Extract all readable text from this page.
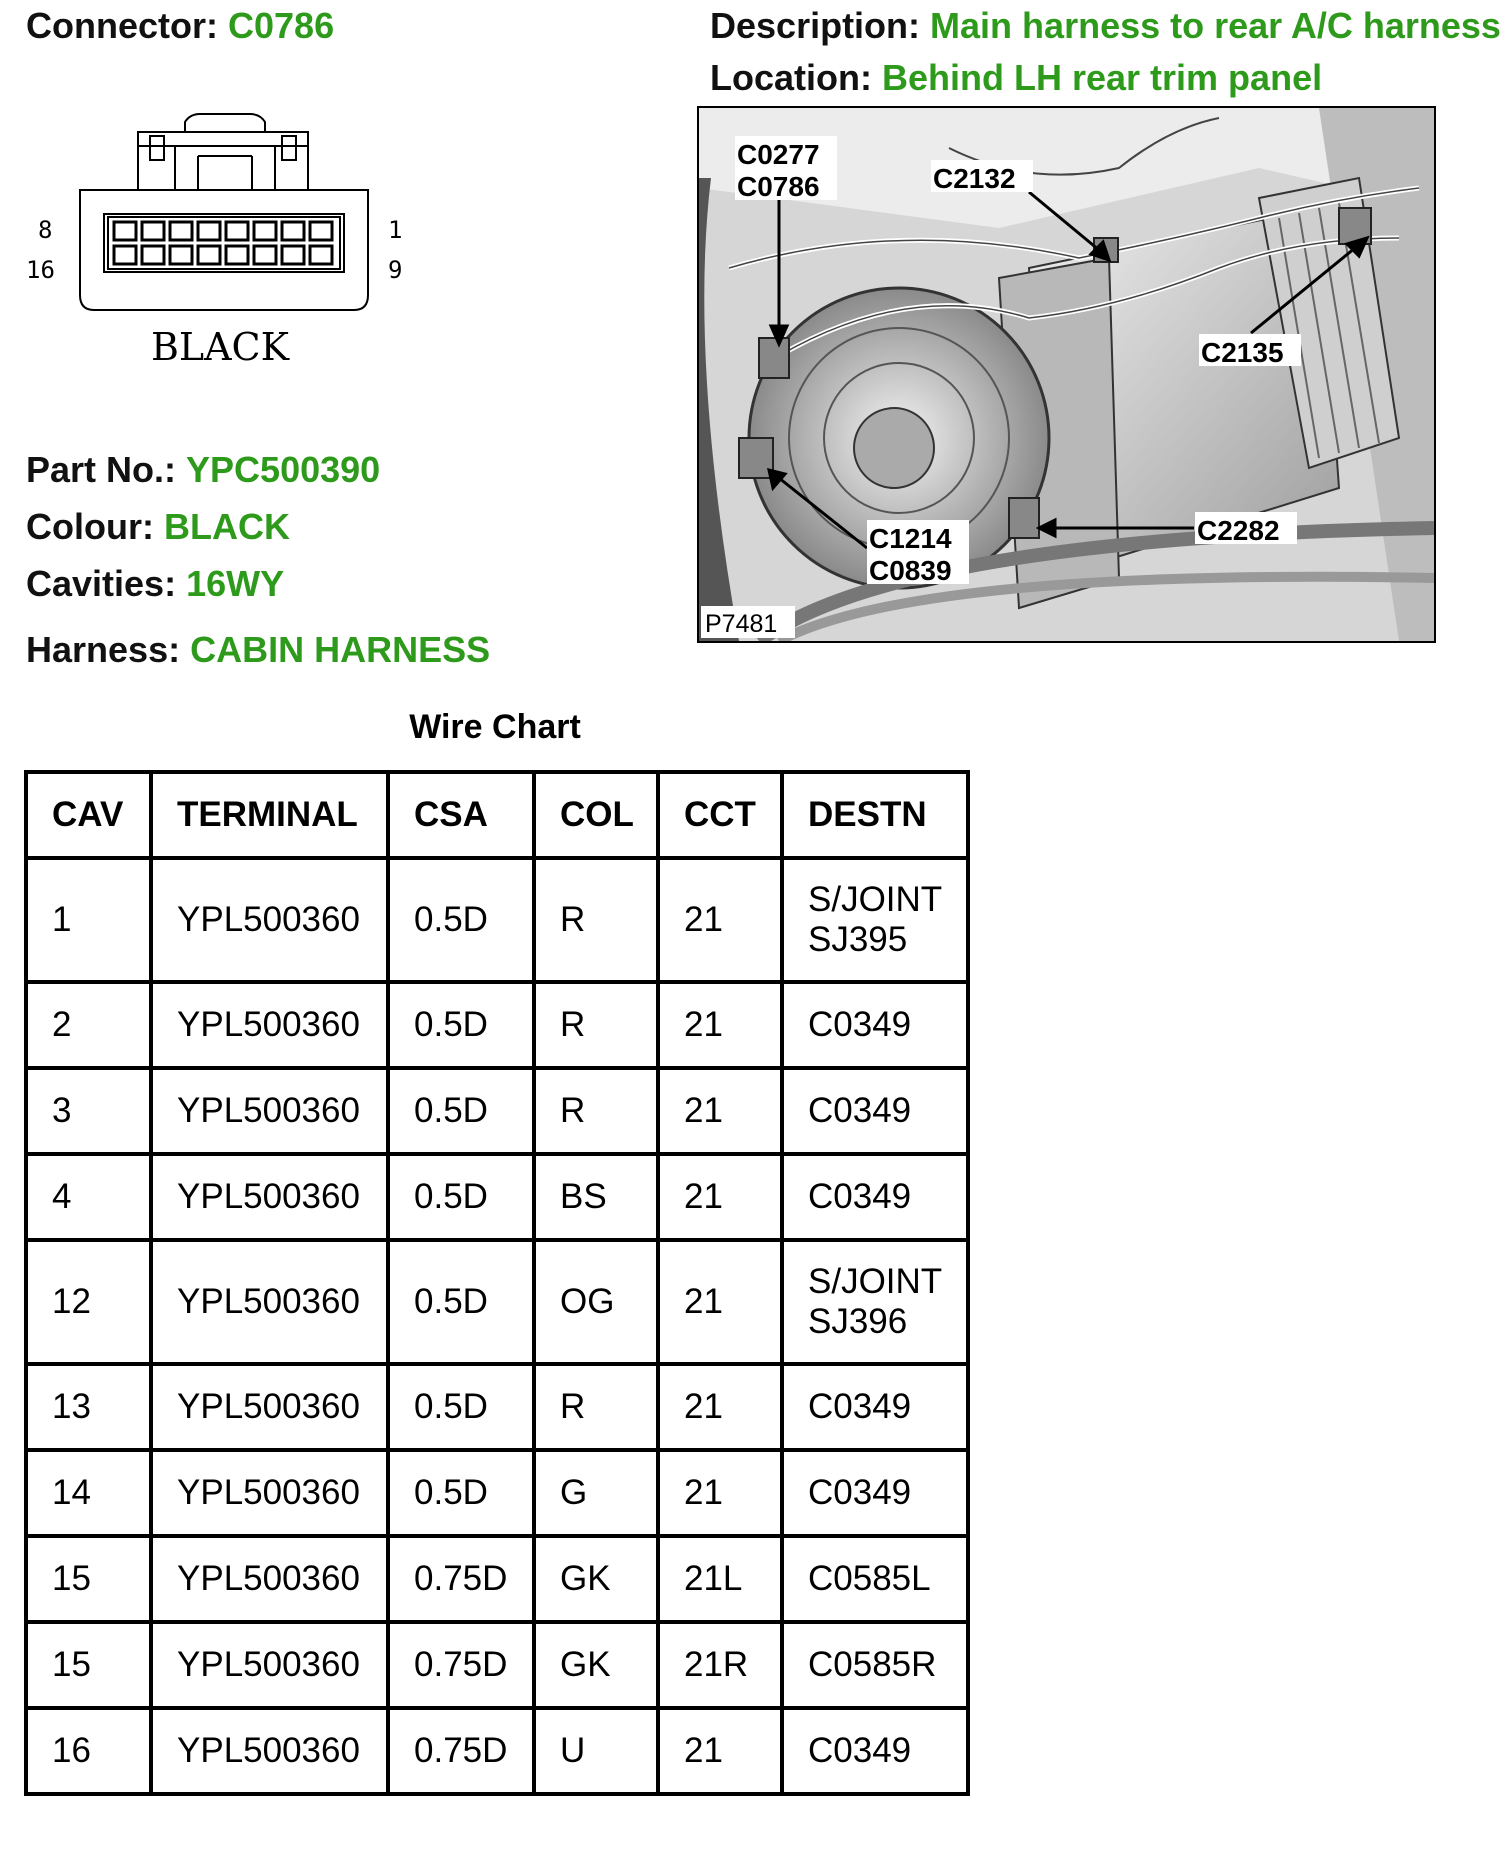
Connector: C0786	Description: Main harness to rear A/C harness
Location: Behind LH rear trim panel
8
16
1
9
BLACK
Part No.: YPC500390
Colour: BLACK
Cavities: 16WY
Harness: CABIN HARNESS
C0277
C0786	C2132
C2135
C2282
C1214
C0839
P7481
Wire Chart
CAV	TERMINAL	CSA	COL	CCT	DESTN
1	YPL500360	0.5D	R	21	S/JOINT
SJ395

2	YPL500360	0.5D	R	21	C0349

3	YPL500360	0.5D	R	21	C0349

4	YPL500360	0.5D	BS	21	C0349

12	YPL500360	0.5D	OG	21	S/JOINT
SJ396

13	YPL500360	0.5D	R	21	C0349

14	YPL500360	0.5D	G	21	C0349

15	YPL500360	0.75D	GK	21L	C0585L

15	YPL500360	0.75D	GK	21R	C0585R

16	YPL500360	0.75D	U	21	C0349
